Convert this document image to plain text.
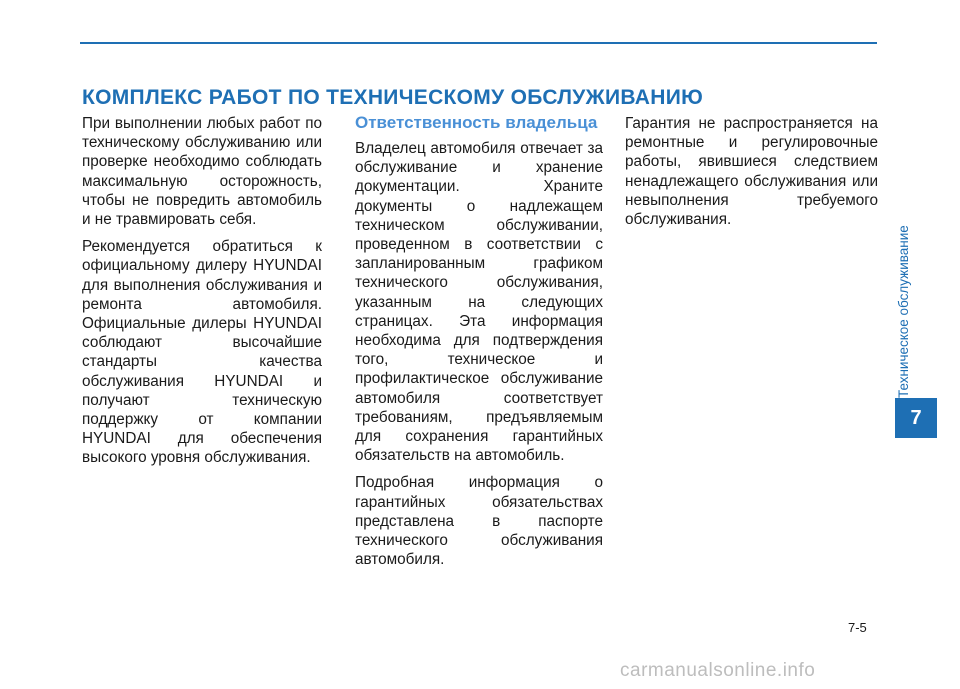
КОМПЛЕКС РАБОТ ПО ТЕХНИЧЕСКОМУ ОБСЛУЖИВАНИЮ

При выполнении любых работ по техническому обслуживанию или проверке необходимо соблюдать максимальную осторожность, чтобы не повредить автомобиль и не травмировать себя.

Рекомендуется обратиться к официальному дилеру HYUNDAI для выполнения обслуживания и ремонта автомобиля. Официальные дилеры HYUNDAI соблюдают высочайшие стандарты качества обслуживания HYUNDAI и получают техническую поддержку от компании HYUNDAI для обеспечения высокого уровня обслуживания.

Ответственность владельца

Владелец автомобиля отвечает за обслуживание и хранение документации. Храните документы о надлежащем техническом обслуживании, проведенном в соответствии с запланированным графиком технического обслуживания, указанным на следующих страницах. Эта информация необходима для подтверждения того, техническое и профилактическое обслуживание автомобиля соответствует требованиям, предъявляемым для сохранения гарантийных обязательств на автомобиль.

Подробная информация о гарантийных обязательствах представлена в паспорте технического обслуживания автомобиля.

Гарантия не распространяется на ремонтные и регулировочные работы, явившиеся следствием ненадлежащего обслуживания или невыполнения требуемого обслуживания.

Техническое обслуживание
7
7-5
carmanualsonline.info
